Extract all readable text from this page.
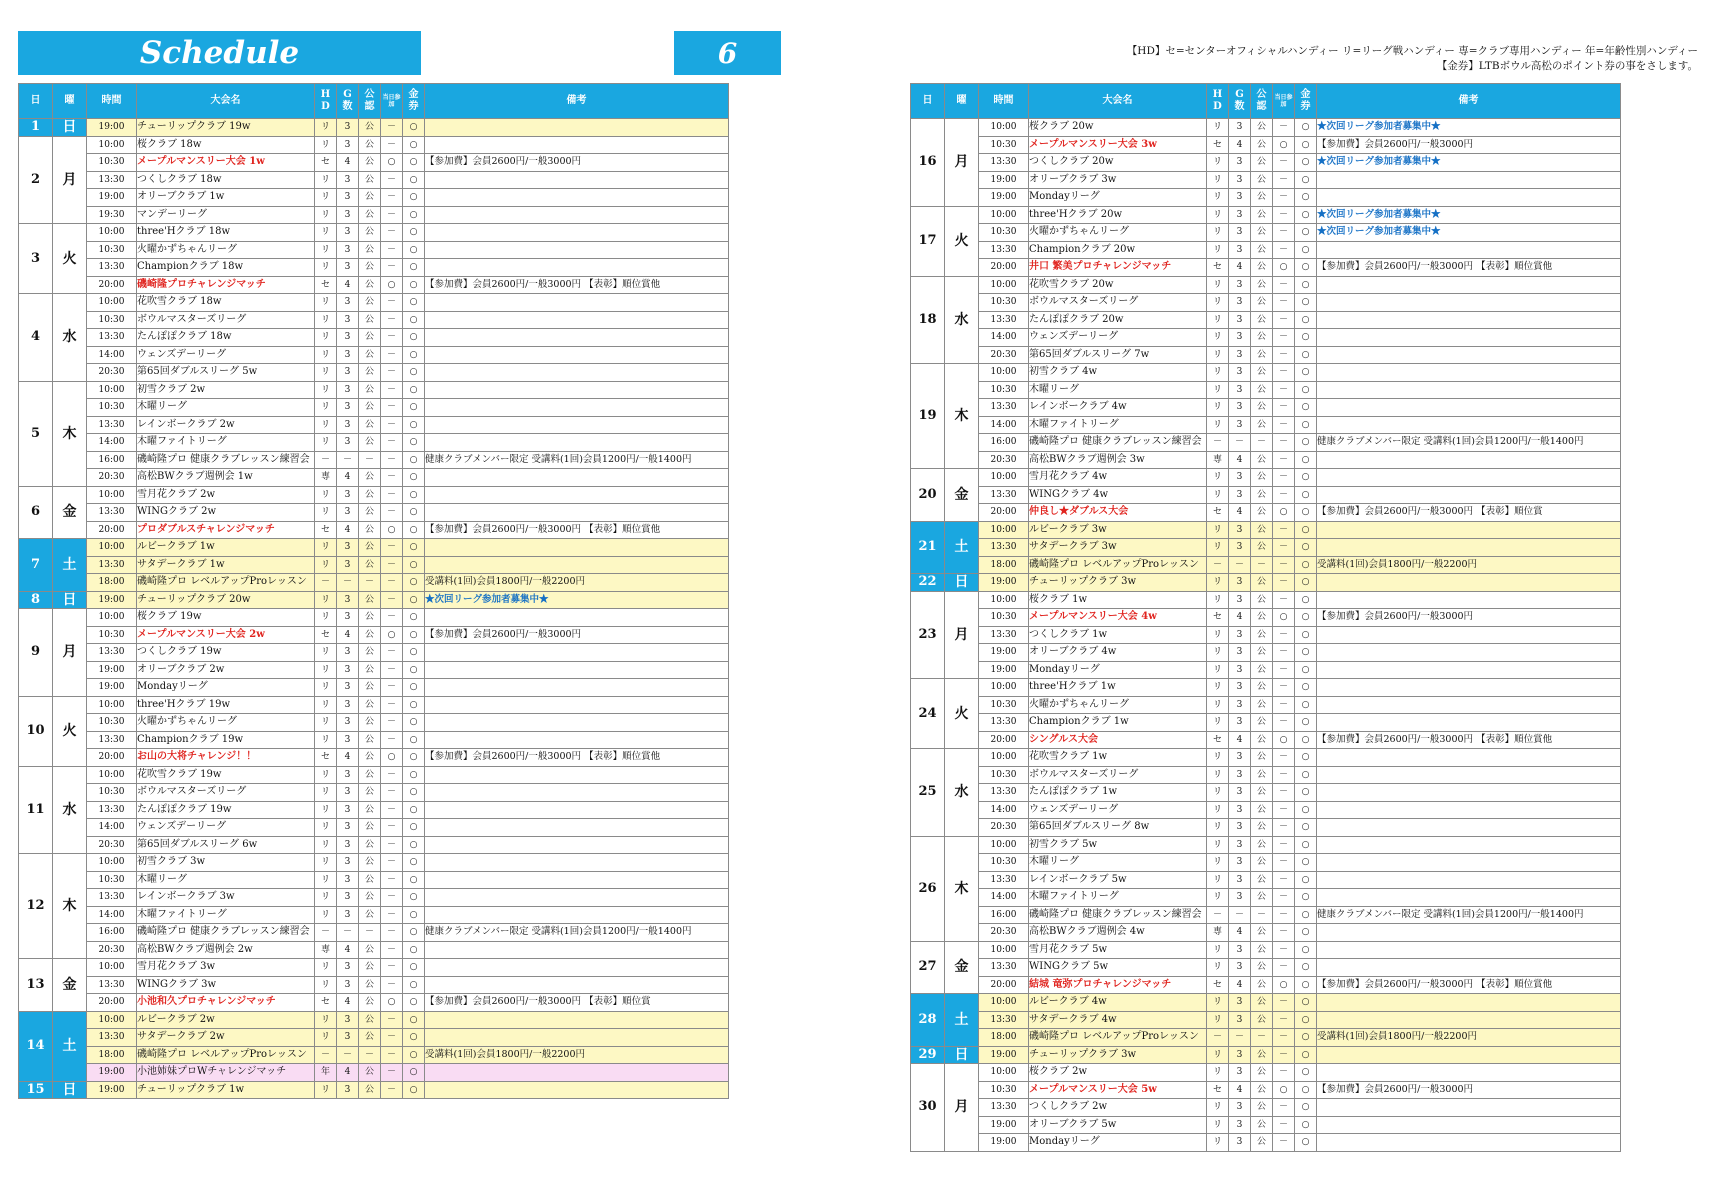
Schedule	6	【HD】セ=センターオフィシャルハンディー リ=リーグ戦ハンディー 専=クラブ専用ハンディー 年=年齢性別ハンディー
【金券】LTBボウル高松のポイント券の事をさします。
日	曜	時間	大会名	H D	G 数	公 認	当日参加	金 券	備考
1	日	19:00	チューリップクラブ 19w	リ	3	公	－	○	
2	月	10:00	桜クラブ 18w	リ	3	公	－	○	
		10:30	メープルマンスリー大会 1w	セ	4	公	○	○	【参加費】会員2600円/一般3000円
		13:30	つくしクラブ 18w	リ	3	公	－	○	
		19:00	オリーブクラブ 1w	リ	3	公	－	○	
		19:30	マンデーリーグ	リ	3	公	－	○	
3	火	10:00	three'Hクラブ 18w	リ	3	公	－	○	
		10:30	火曜かずちゃんリーグ	リ	3	公	－	○	
		13:30	Championクラブ 18w	リ	3	公	－	○	
		20:00	磯崎隆プロチャレンジマッチ	セ	4	公	○	○	【参加費】会員2600円/一般3000円 【表彰】順位賞他
4	水	10:00	花吹雪クラブ 18w	リ	3	公	－	○	
		10:30	ボウルマスターズリーグ	リ	3	公	－	○	
		13:30	たんぽぽクラブ 18w	リ	3	公	－	○	
		14:00	ウェンズデーリーグ	リ	3	公	－	○	
		20:30	第65回ダブルスリーグ 5w	リ	3	公	－	○	
5	木	10:00	初雪クラブ 2w	リ	3	公	－	○	
		10:30	木曜リーグ	リ	3	公	－	○	
		13:30	レインボークラブ 2w	リ	3	公	－	○	
		14:00	木曜ファイトリーグ	リ	3	公	－	○	
		16:00	磯崎隆プロ 健康クラブレッスン練習会	－	－	－	－	○	健康クラブメンバー限定 受講料(1回)会員1200円/一般1400円
		20:30	高松BWクラブ週例会 1w	専	4	公	－	○	
6	金	10:00	雪月花クラブ 2w	リ	3	公	－	○	
		13:30	WINGクラブ 2w	リ	3	公	－	○	
		20:00	プロダブルスチャレンジマッチ	セ	4	公	○	○	【参加費】会員2600円/一般3000円 【表彰】順位賞他
7	土	10:00	ルビークラブ 1w	リ	3	公	－	○	
		13:30	サタデークラブ 1w	リ	3	公	－	○	
		18:00	磯崎隆プロ レベルアップProレッスン	－	－	－	－	○	受講料(1回)会員1800円/一般2200円
8	日	19:00	チューリップクラブ 20w	リ	3	公	－	○	★次回リーグ参加者募集中★
9	月	10:00	桜クラブ 19w	リ	3	公	－	○	
		10:30	メープルマンスリー大会 2w	セ	4	公	○	○	【参加費】会員2600円/一般3000円
		13:30	つくしクラブ 19w	リ	3	公	－	○	
		19:00	オリーブクラブ 2w	リ	3	公	－	○	
		19:00	Mondayリーグ	リ	3	公	－	○	
10	火	10:00	three'Hクラブ 19w	リ	3	公	－	○	
		10:30	火曜かずちゃんリーグ	リ	3	公	－	○	
		13:30	Championクラブ 19w	リ	3	公	－	○	
		20:00	お山の大将チャレンジ！！	セ	4	公	○	○	【参加費】会員2600円/一般3000円 【表彰】順位賞他
11	水	10:00	花吹雪クラブ 19w	リ	3	公	－	○	
		10:30	ボウルマスターズリーグ	リ	3	公	－	○	
		13:30	たんぽぽクラブ 19w	リ	3	公	－	○	
		14:00	ウェンズデーリーグ	リ	3	公	－	○	
		20:30	第65回ダブルスリーグ 6w	リ	3	公	－	○	
12	木	10:00	初雪クラブ 3w	リ	3	公	－	○	
		10:30	木曜リーグ	リ	3	公	－	○	
		13:30	レインボークラブ 3w	リ	3	公	－	○	
		14:00	木曜ファイトリーグ	リ	3	公	－	○	
		16:00	磯崎隆プロ 健康クラブレッスン練習会	－	－	－	－	○	健康クラブメンバー限定 受講料(1回)会員1200円/一般1400円
		20:30	高松BWクラブ週例会 2w	専	4	公	－	○	
13	金	10:00	雪月花クラブ 3w	リ	3	公	－	○	
		13:30	WINGクラブ 3w	リ	3	公	－	○	
		20:00	小池和久プロチャレンジマッチ	セ	4	公	○	○	【参加費】会員2600円/一般3000円 【表彰】順位賞
14	土	10:00	ルビークラブ 2w	リ	3	公	－	○	
		13:30	サタデークラブ 2w	リ	3	公	－	○	
		18:00	磯崎隆プロ レベルアップProレッスン	－	－	－	－	○	受講料(1回)会員1800円/一般2200円
		19:00	小池姉妹プロWチャレンジマッチ	年	4	公	－	○	
15	日	19:00	チューリップクラブ 1w	リ	3	公	－	○	
日	曜	時間	大会名	H D	G 数	公 認	当日参加	金 券	備考
16	月	10:00	桜クラブ 20w	リ	3	公	－	○	★次回リーグ参加者募集中★
		10:30	メープルマンスリー大会 3w	セ	4	公	○	○	【参加費】会員2600円/一般3000円
		13:30	つくしクラブ 20w	リ	3	公	－	○	★次回リーグ参加者募集中★
		19:00	オリーブクラブ 3w	リ	3	公	－	○	
		19:00	Mondayリーグ	リ	3	公	－	○	
17	火	10:00	three'Hクラブ 20w	リ	3	公	－	○	★次回リーグ参加者募集中★
		10:30	火曜かずちゃんリーグ	リ	3	公	－	○	★次回リーグ参加者募集中★
		13:30	Championクラブ 20w	リ	3	公	－	○	
		20:00	井口 繁美プロチャレンジマッチ	セ	4	公	○	○	【参加費】会員2600円/一般3000円 【表彰】順位賞他
18	水	10:00	花吹雪クラブ 20w	リ	3	公	－	○	
		10:30	ボウルマスターズリーグ	リ	3	公	－	○	
		13:30	たんぽぽクラブ 20w	リ	3	公	－	○	
		14:00	ウェンズデーリーグ	リ	3	公	－	○	
		20:30	第65回ダブルスリーグ 7w	リ	3	公	－	○	
19	木	10:00	初雪クラブ 4w	リ	3	公	－	○	
		10:30	木曜リーグ	リ	3	公	－	○	
		13:30	レインボークラブ 4w	リ	3	公	－	○	
		14:00	木曜ファイトリーグ	リ	3	公	－	○	
		16:00	磯崎隆プロ 健康クラブレッスン練習会	－	－	－	－	○	健康クラブメンバー限定 受講料(1回)会員1200円/一般1400円
		20:30	高松BWクラブ週例会 3w	専	4	公	－	○	
20	金	10:00	雪月花クラブ 4w	リ	3	公	－	○	
		13:30	WINGクラブ 4w	リ	3	公	－	○	
		20:00	仲良し★ダブルス大会	セ	4	公	○	○	【参加費】会員2600円/一般3000円 【表彰】順位賞
21	土	10:00	ルビークラブ 3w	リ	3	公	－	○	
		13:30	サタデークラブ 3w	リ	3	公	－	○	
		18:00	磯崎隆プロ レベルアップProレッスン	－	－	－	－	○	受講料(1回)会員1800円/一般2200円
22	日	19:00	チューリップクラブ 3w	リ	3	公	－	○	
23	月	10:00	桜クラブ 1w	リ	3	公	－	○	
		10:30	メープルマンスリー大会 4w	セ	4	公	○	○	【参加費】会員2600円/一般3000円
		13:30	つくしクラブ 1w	リ	3	公	－	○	
		19:00	オリーブクラブ 4w	リ	3	公	－	○	
		19:00	Mondayリーグ	リ	3	公	－	○	
24	火	10:00	three'Hクラブ 1w	リ	3	公	－	○	
		10:30	火曜かずちゃんリーグ	リ	3	公	－	○	
		13:30	Championクラブ 1w	リ	3	公	－	○	
		20:00	シングルス大会	セ	4	公	○	○	【参加費】会員2600円/一般3000円 【表彰】順位賞他
25	水	10:00	花吹雪クラブ 1w	リ	3	公	－	○	
		10:30	ボウルマスターズリーグ	リ	3	公	－	○	
		13:30	たんぽぽクラブ 1w	リ	3	公	－	○	
		14:00	ウェンズデーリーグ	リ	3	公	－	○	
		20:30	第65回ダブルスリーグ 8w	リ	3	公	－	○	
26	木	10:00	初雪クラブ 5w	リ	3	公	－	○	
		10:30	木曜リーグ	リ	3	公	－	○	
		13:30	レインボークラブ 5w	リ	3	公	－	○	
		14:00	木曜ファイトリーグ	リ	3	公	－	○	
		16:00	磯崎隆プロ 健康クラブレッスン練習会	－	－	－	－	○	健康クラブメンバー限定 受講料(1回)会員1200円/一般1400円
		20:30	高松BWクラブ週例会 4w	専	4	公	－	○	
27	金	10:00	雪月花クラブ 5w	リ	3	公	－	○	
		13:30	WINGクラブ 5w	リ	3	公	－	○	
		20:00	結城 竜弥プロチャレンジマッチ	セ	4	公	○	○	【参加費】会員2600円/一般3000円 【表彰】順位賞他
28	土	10:00	ルビークラブ 4w	リ	3	公	－	○	
		13:30	サタデークラブ 4w	リ	3	公	－	○	
		18:00	磯崎隆プロ レベルアップProレッスン	－	－	－	－	○	受講料(1回)会員1800円/一般2200円
29	日	19:00	チューリップクラブ 3w	リ	3	公	－	○	
30	月	10:00	桜クラブ 2w	リ	3	公	－	○	
		10:30	メープルマンスリー大会 5w	セ	4	公	○	○	【参加費】会員2600円/一般3000円
		13:30	つくしクラブ 2w	リ	3	公	－	○	
		19:00	オリーブクラブ 5w	リ	3	公	－	○	
		19:00	Mondayリーグ	リ	3	公	－	○	
